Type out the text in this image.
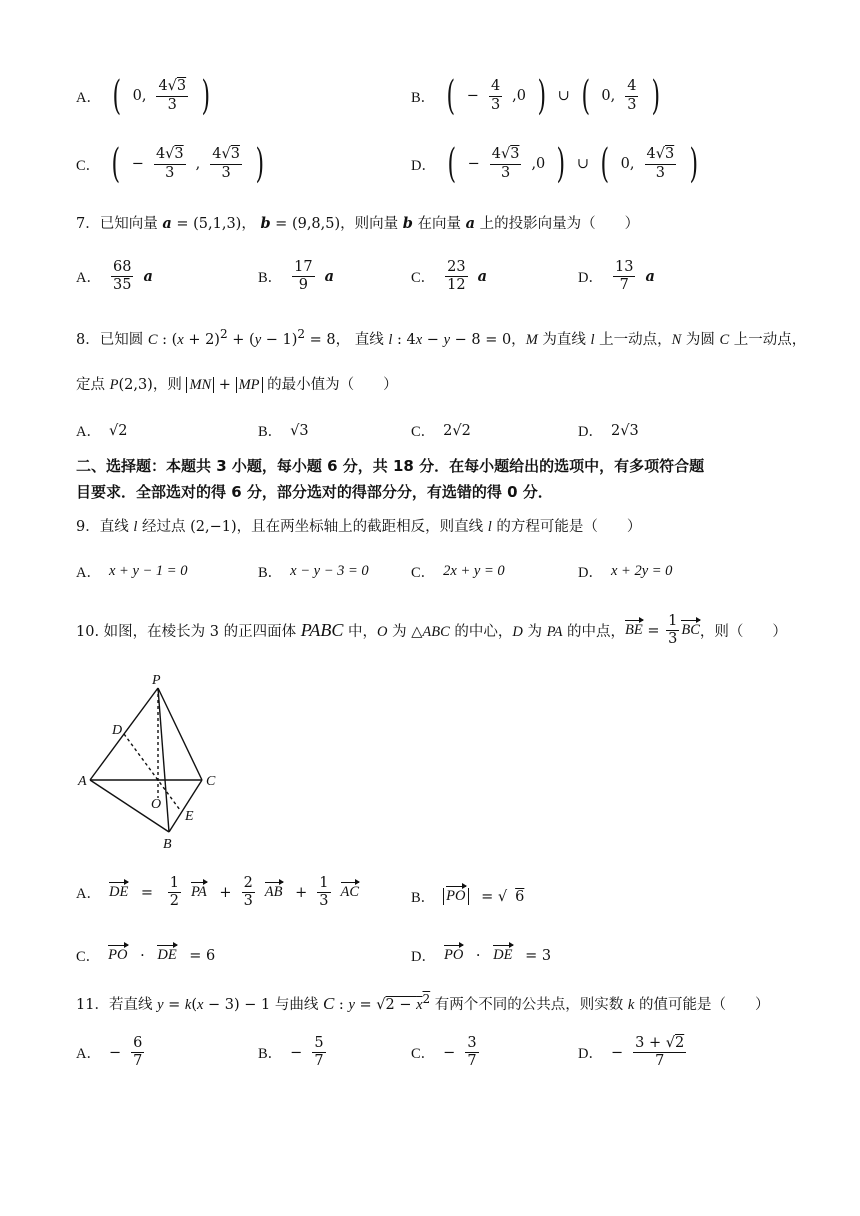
A． ( 0, $\frac{4√3}{3}$ )	B． ( − $\frac{4}{3} ,0$ ) ∪ ( 0, $\frac{4}{3}$ )
C． ( − $\frac{4√3}{3}$ , $\frac{4√3}{3}$ )	D． ( − $\frac{4√3}{3} ,0$ ) ∪ ( 0, $\frac{4√3}{3}$ )
7．已知向量 a = (5,1,3)， b = (9,8,5)，则向量 b 在向量 a 上的投影向量为（　　）
A． $\frac{68}{35}$ a	B． $\frac{17}{9}$ a	C． $\frac{23}{12}$ a	D． $\frac{13}{7}$ a
8．已知圆 C : $(x + 2)^2 + (y - 1)^2 = 8$， 直线 l : 4x − y − 8 = 0，M 为直线 l 上一动点，N 为圆 C 上一动点，
定点 P(2,3)，则 MN + MP 的最小值为（　　）
A． √2	B． √3	C． 2√2	D． 2√3
二、选择题：本题共 3 小题，每小题 6 分，共 18 分．在每小题给出的选项中，有多项符合题
目要求．全部选对的得 6 分，部分选对的得部分分，有选错的得 0 分．
9．直线 l 经过点 (2,−1)，且在两坐标轴上的截距相反，则直线 l 的方程可能是（　　）
A． x + y − 1 = 0	B． x − y − 3 = 0	C． 2x + y = 0	D． x + 2y = 0
10. 如图，在棱长为 3 的正四面体 PABC 中，O 为 △ABC 的中心，D 为 PA 的中点， BE = $\frac{1}{3}$ BC ，则（　　）
P
D
A	C
O
E
B
A． DE = $\frac{1}{2}$ PA + $\frac{2}{3}$ AB + $\frac{1}{3}$ AC	B． PO = √ 6
C． PO · DE = 6	D． PO · DE = 3
11．若直线 y = k(x − 3) − 1 与曲线 C : $y = √2 - x^2$ 有两个不同的公共点，则实数 k 的值可能是（　　）
A． − $\frac{6}{7}$	B． − $\frac{5}{7}$	C． − $\frac{3}{7}$	D． − $\frac{3 + √2}{7}$
